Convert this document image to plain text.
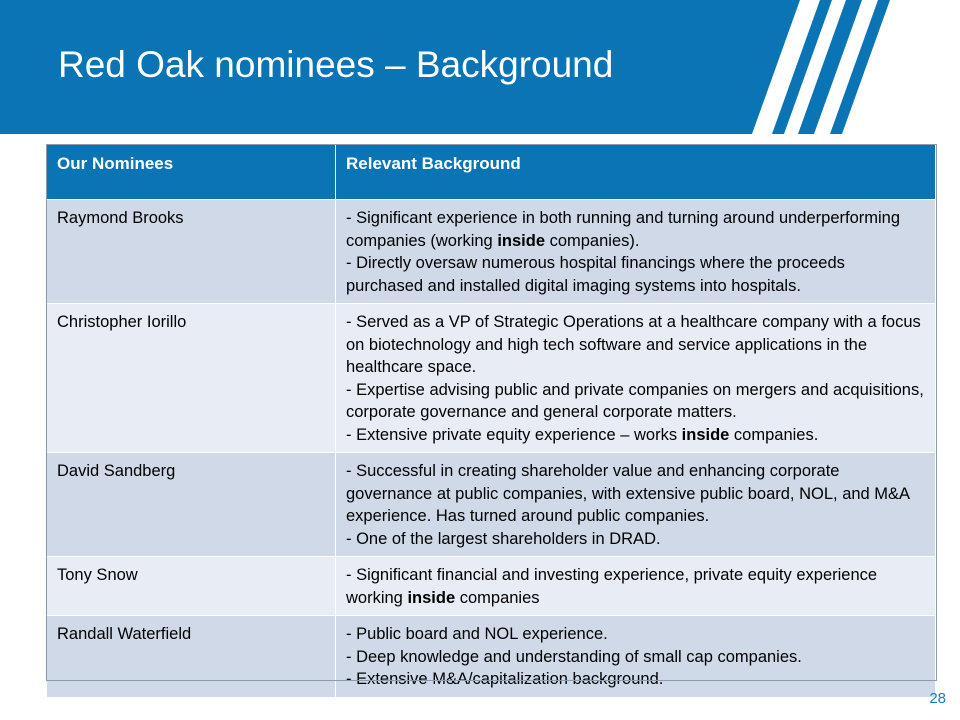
Red Oak nominees – Background
Our Nominees	Relevant Background
Raymond Brooks	- Significant experience in both running and turning around underperforming companies (working inside companies).
- Directly oversaw numerous hospital financings where the proceeds purchased and installed digital imaging systems into hospitals.

Christopher Iorillo	- Served as a VP of Strategic Operations at a healthcare company with a focus on biotechnology and high tech software and service applications in the healthcare space.
- Expertise advising public and private companies on mergers and acquisitions, corporate governance and general corporate matters.
- Extensive private equity experience – works inside companies.

David Sandberg	- Successful in creating shareholder value and enhancing corporate governance at public companies, with extensive public board, NOL, and M&A experience. Has turned around public companies.
- One of the largest shareholders in DRAD.

Tony Snow	- Significant financial and investing experience, private equity experience working inside companies

Randall Waterfield	- Public board and NOL experience.
- Deep knowledge and understanding of small cap companies.
- Extensive M&A/capitalization background.
28
